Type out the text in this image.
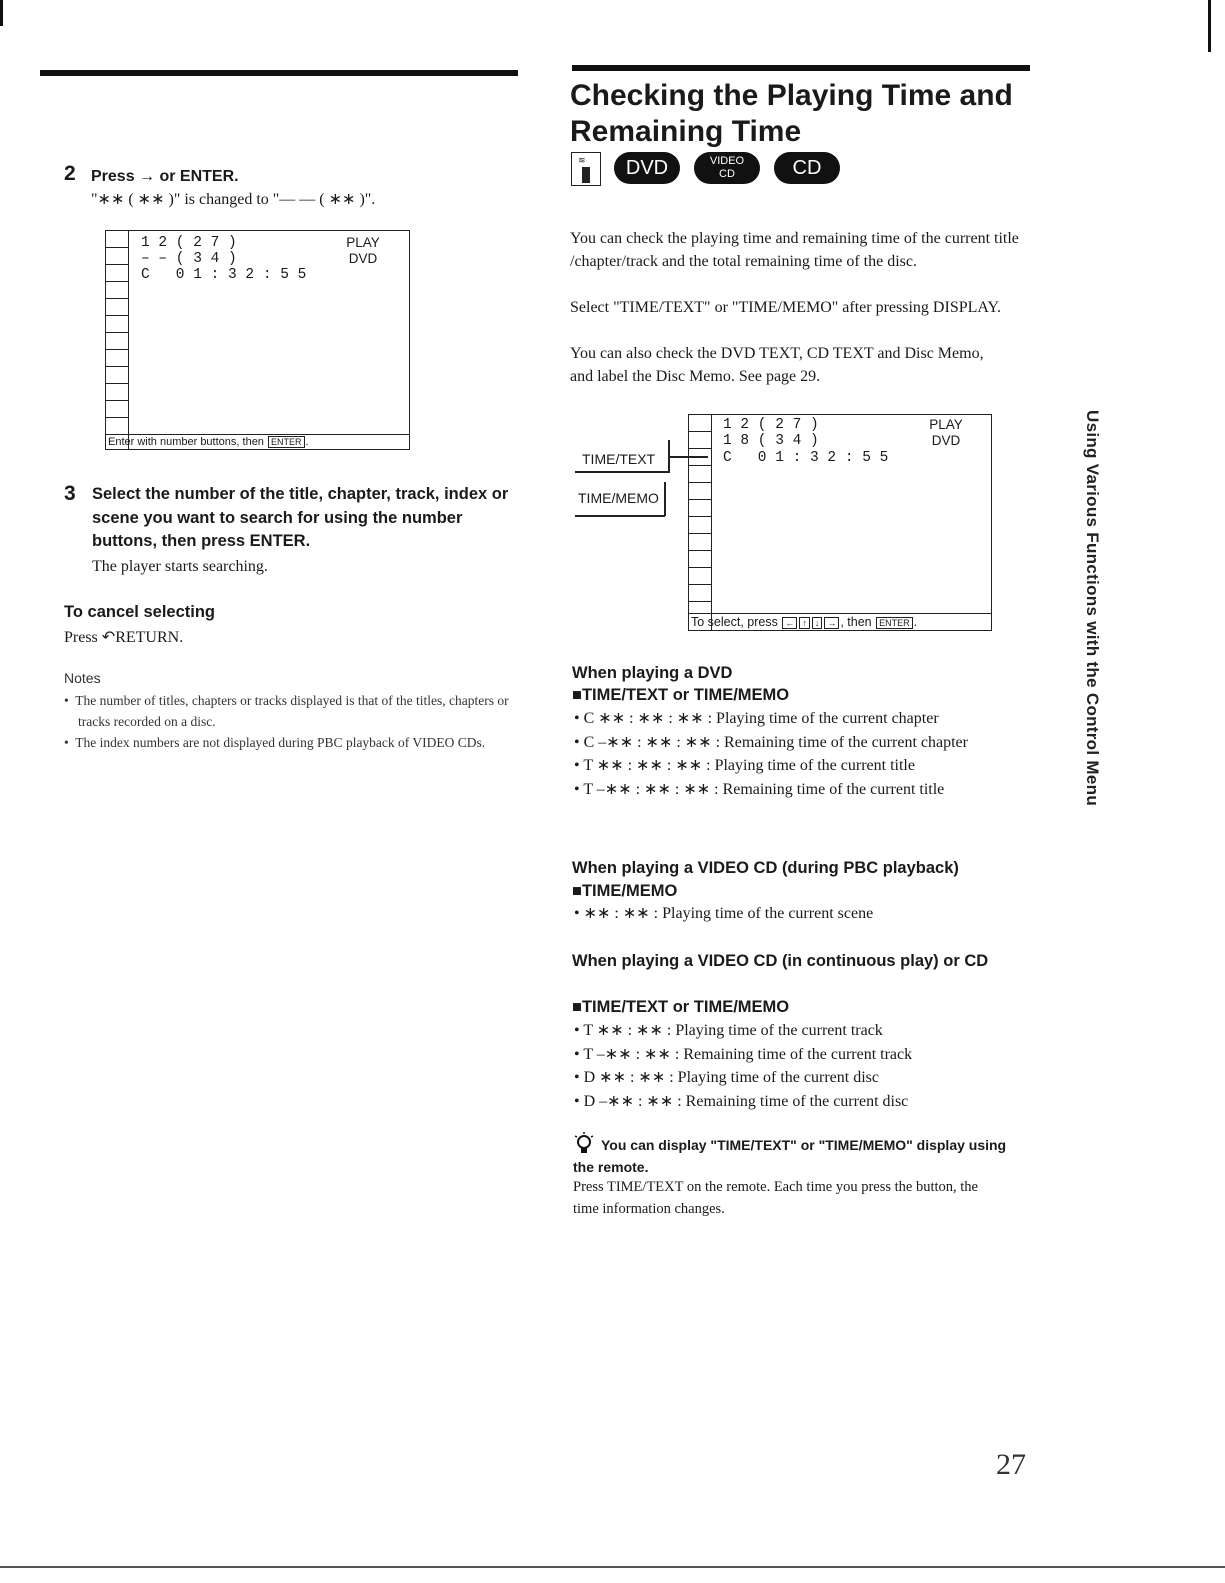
2 Press → or ENTER.
"∗∗ ( ∗∗ )" is changed to "— — ( ∗∗ )".
1 2 ( 2 7 )
– – ( 3 4 )
C   0 1 : 3 2 : 5 5
PLAY
DVD
Enter with number buttons, then ENTER .
3 Select the number of the title, chapter, track, index or scene you want to search for using the number buttons, then press ENTER.
The player starts searching.
To cancel selecting
Press ↶RETURN.
Notes
•  The number of titles, chapters or tracks displayed is that of the titles, chapters or tracks recorded on a disc.
•  The index numbers are not displayed during PBC playback of VIDEO CDs.
Checking the Playing Time and Remaining Time
≋	DVD	VIDEO CD	CD
You can check the playing time and remaining time of the current title /chapter/track and the total remaining time of the disc.
Select "TIME/TEXT" or "TIME/MEMO" after pressing DISPLAY.
You can also check the DVD TEXT, CD TEXT and Disc Memo, and label the Disc Memo. See page 29.
TIME/TEXT
TIME/MEMO
1 2 ( 2 7 )
1 8 ( 3 4 )
C   0 1 : 3 2 : 5 5
PLAY
DVD
To select, press ← ↑ ↓ → , then ENTER .
When playing a DVD
■TIME/TEXT or TIME/MEMO
• C ∗∗ : ∗∗ : ∗∗ : Playing time of the current chapter
• C –∗∗ : ∗∗ : ∗∗ : Remaining time of the current chapter
• T ∗∗ : ∗∗ : ∗∗ : Playing time of the current title
• T –∗∗ : ∗∗ : ∗∗ : Remaining time of the current title
When playing a VIDEO CD (during PBC playback)
■TIME/MEMO
• ∗∗ : ∗∗ : Playing time of the current scene
When playing a VIDEO CD (in continuous play) or CD
■TIME/TEXT or TIME/MEMO
• T ∗∗ : ∗∗ : Playing time of the current track
• T –∗∗ : ∗∗ : Remaining time of the current track
• D ∗∗ : ∗∗ : Playing time of the current disc
• D –∗∗ : ∗∗ : Remaining time of the current disc
You can display "TIME/TEXT" or "TIME/MEMO" display using the remote.
Press TIME/TEXT on the remote. Each time you press the button, the time information changes.
Using Various Functions with the Control Menu
27
